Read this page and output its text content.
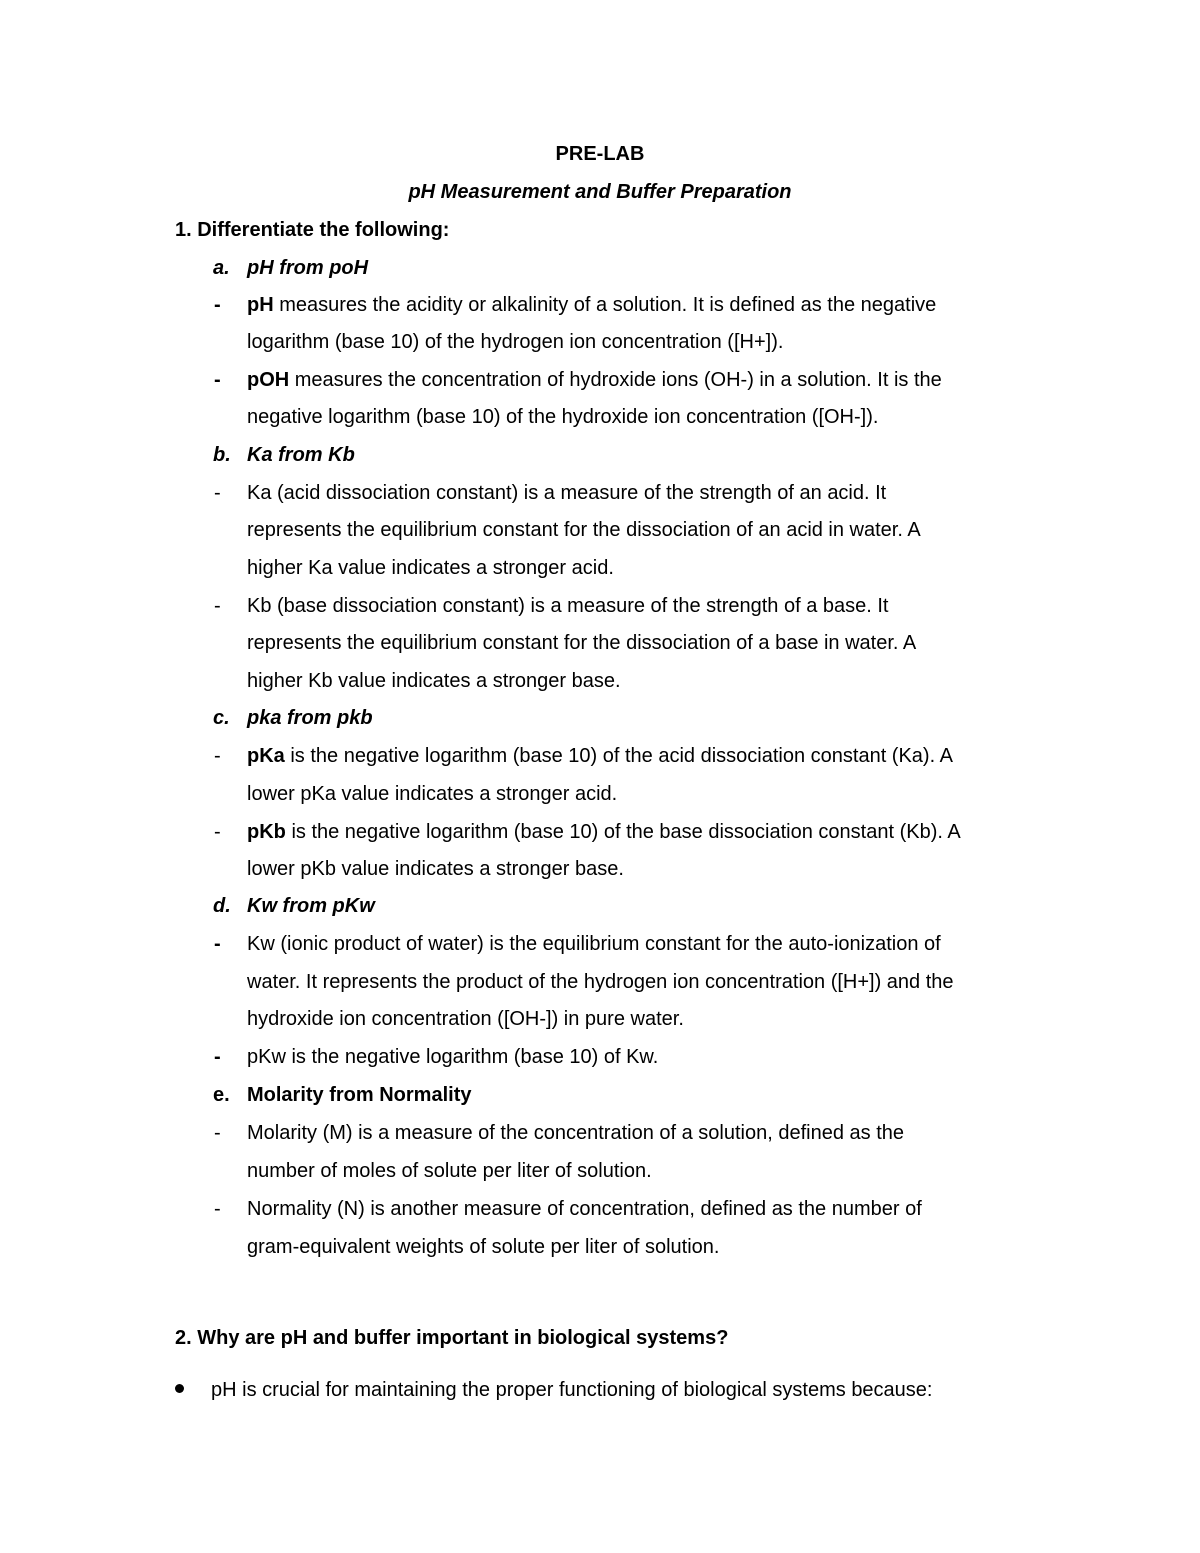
PRE-LAB
pH Measurement and Buffer Preparation
1. Differentiate the following:
a. pH from poH
- pH measures the acidity or alkalinity of a solution. It is defined as the negative
logarithm (base 10) of the hydrogen ion concentration ([H+]).
- pOH measures the concentration of hydroxide ions (OH-) in a solution. It is the
negative logarithm (base 10) of the hydroxide ion concentration ([OH-]).
b. Ka from Kb
- Ka (acid dissociation constant) is a measure of the strength of an acid. It
represents the equilibrium constant for the dissociation of an acid in water. A
higher Ka value indicates a stronger acid.
- Kb (base dissociation constant) is a measure of the strength of a base. It
represents the equilibrium constant for the dissociation of a base in water. A
higher Kb value indicates a stronger base.
c. pka from pkb
- pKa is the negative logarithm (base 10) of the acid dissociation constant (Ka). A
lower pKa value indicates a stronger acid.
- pKb is the negative logarithm (base 10) of the base dissociation constant (Kb). A
lower pKb value indicates a stronger base.
d. Kw from pKw
- Kw (ionic product of water) is the equilibrium constant for the auto-ionization of
water. It represents the product of the hydrogen ion concentration ([H+]) and the
hydroxide ion concentration ([OH-]) in pure water.
- pKw is the negative logarithm (base 10) of Kw.
e. Molarity from Normality
- Molarity (M) is a measure of the concentration of a solution, defined as the
number of moles of solute per liter of solution.
- Normality (N) is another measure of concentration, defined as the number of
gram-equivalent weights of solute per liter of solution.
2. Why are pH and buffer important in biological systems?
pH is crucial for maintaining the proper functioning of biological systems because:
